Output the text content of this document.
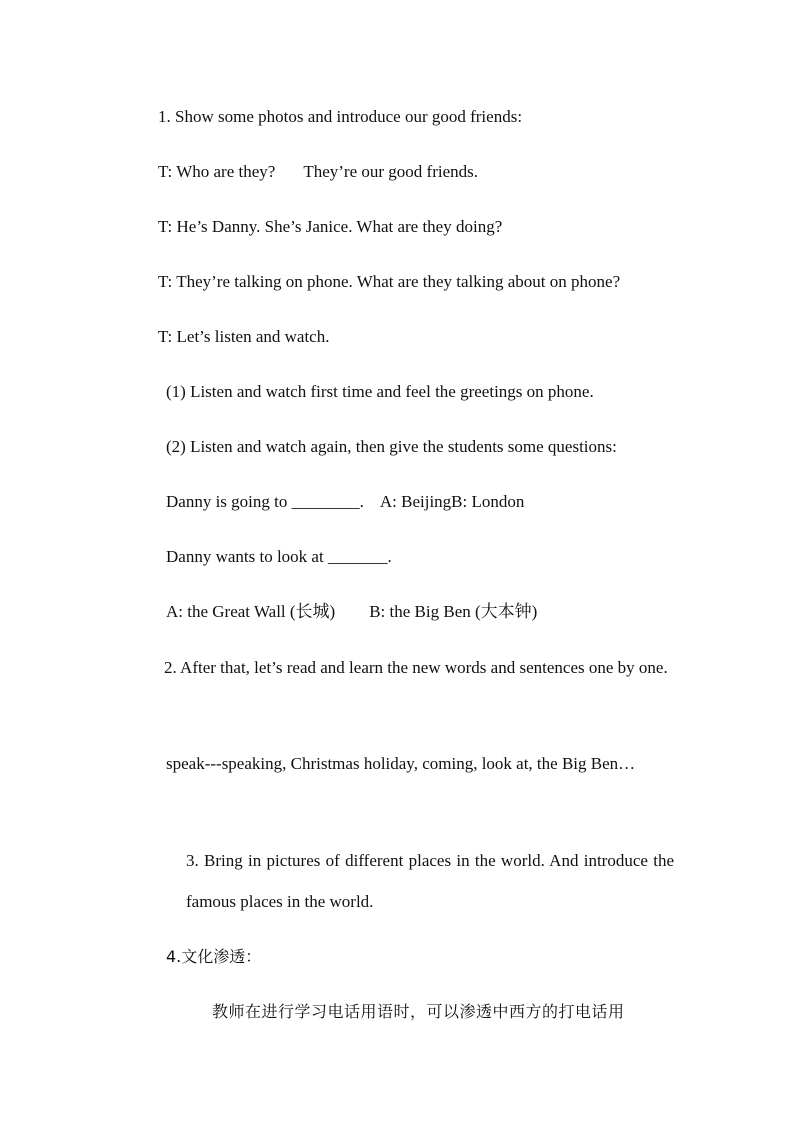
1. Show some photos and introduce our good friends:
T: Who are they? They’re our good friends.
T: He’s Danny. She’s Janice. What are they doing?
T: They’re talking on phone. What are they talking about on phone?
T: Let’s listen and watch.
(1) Listen and watch first time and feel the greetings on phone.
(2) Listen and watch again, then give the students some questions:
Danny is going to ________. A: BeijingB: London
Danny wants to look at _______.
A: the Great Wall (长城) B: the Big Ben (大本钟)
2. After that, let’s read and learn the new words and sentences one by one.
speak---speaking, Christmas holiday, coming, look at, the Big Ben…
3. Bring in pictures of different places in the world. And introduce the famous places in the world.
4.文化渗透：
教师在进行学习电话用语时，可以渗透中西方的打电话用
